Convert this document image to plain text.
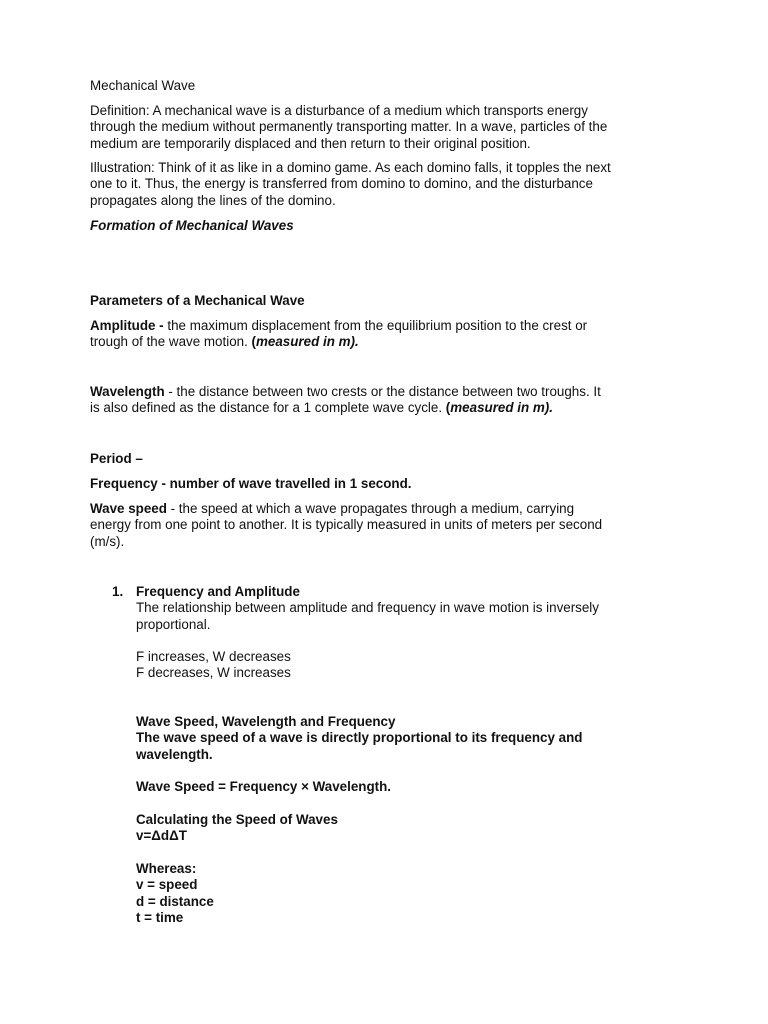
Mechanical Wave

Definition: A mechanical wave is a disturbance of a medium which transports energy
through the medium without permanently transporting matter. In a wave, particles of the
medium are temporarily displaced and then return to their original position.

Illustration: Think of it as like in a domino game. As each domino falls, it topples the next
one to it. Thus, the energy is transferred from domino to domino, and the disturbance
propagates along the lines of the domino.

Formation of Mechanical Waves

Parameters of a Mechanical Wave

Amplitude - the maximum displacement from the equilibrium position to the crest or
trough of the wave motion. (measured in m).

Wavelength - the distance between two crests or the distance between two troughs. It
is also defined as the distance for a 1 complete wave cycle. (measured in m).

Period –

Frequency - number of wave travelled in 1 second.

Wave speed - the speed at which a wave propagates through a medium, carrying
energy from one point to another. It is typically measured in units of meters per second
(m/s).

1. Frequency and Amplitude
The relationship between amplitude and frequency in wave motion is inversely
proportional.

F increases, W decreases
F decreases, W increases

Wave Speed, Wavelength and Frequency
The wave speed of a wave is directly proportional to its frequency and
wavelength.

Wave Speed = Frequency × Wavelength.

Calculating the Speed of Waves
v=ΔdΔT

Whereas:
v = speed
d = distance
t = time
